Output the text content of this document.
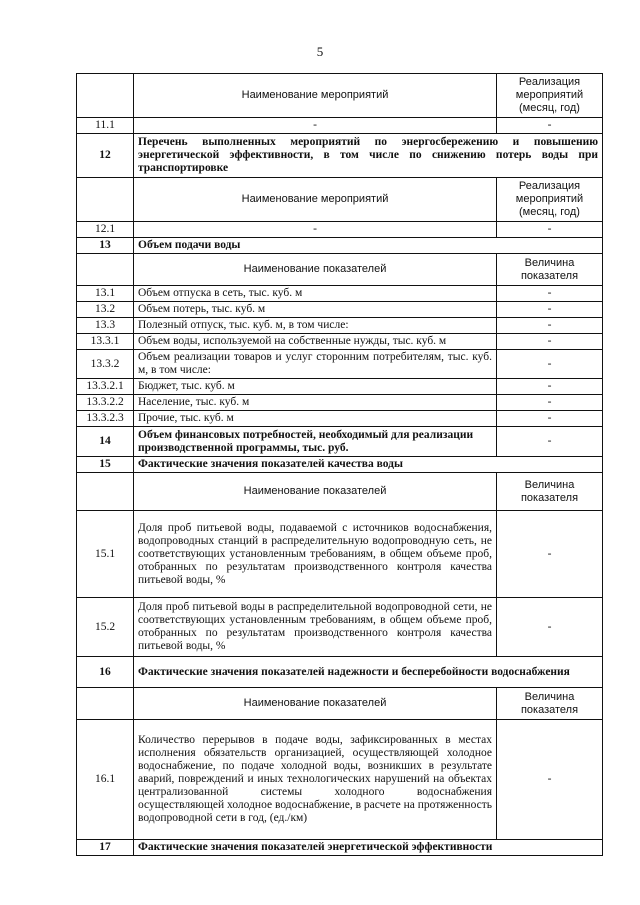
5
	Наименование мероприятий	Реализация мероприятий (месяц, год)
11.1	-	-
12	Перечень выполненных мероприятий по энергосбережению и повышению энергетической эффективности, в том числе по снижению потерь воды при транспортировке	
	Наименование мероприятий	Реализация мероприятий (месяц, год)
12.1	-	-
13	Объем подачи воды	
	Наименование показателей	Величина показателя
13.1	Объем отпуска в сеть, тыс. куб. м	-
13.2	Объем потерь, тыс. куб. м	-
13.3	Полезный отпуск, тыс. куб. м, в том числе:	-
13.3.1	Объем воды, используемой на собственные нужды, тыс. куб. м	-
13.3.2	Объем реализации товаров и услуг сторонним потребителям, тыс. куб. м, в том числе:	-
13.3.2.1	Бюджет, тыс. куб. м	-
13.3.2.2	Население, тыс. куб. м	-
13.3.2.3	Прочие, тыс. куб. м	-
14	Объем финансовых потребностей, необходимый для реализации производственной программы, тыс. руб.	-
15	Фактические значения показателей качества воды	
	Наименование показателей	Величина показателя
15.1	Доля проб питьевой воды, подаваемой с источников водоснабжения, водопроводных станций в распределительную водопроводную сеть, не соответствующих установленным требованиям, в общем объеме проб, отобранных по результатам производственного контроля качества питьевой воды, %	-
15.2	Доля проб питьевой воды в распределительной водопроводной сети, не соответствующих установленным требованиям, в общем объеме проб, отобранных по результатам производственного контроля качества питьевой воды, %	-
16	Фактические значения показателей надежности и бесперебойности водоснабжения	
	Наименование показателей	Величина показателя
16.1	Количество перерывов в подаче воды, зафиксированных в местах исполнения обязательств организацией, осуществляющей холодное водоснабжение, по подаче холодной воды, возникших в результате аварий, повреждений и иных технологических нарушений на объектах централизованной системы холодного водоснабжения осуществляющей холодное водоснабжение, в расчете на протяженность водопроводной сети в год, (ед./км)	-
17	Фактические значения показателей энергетической эффективности	
